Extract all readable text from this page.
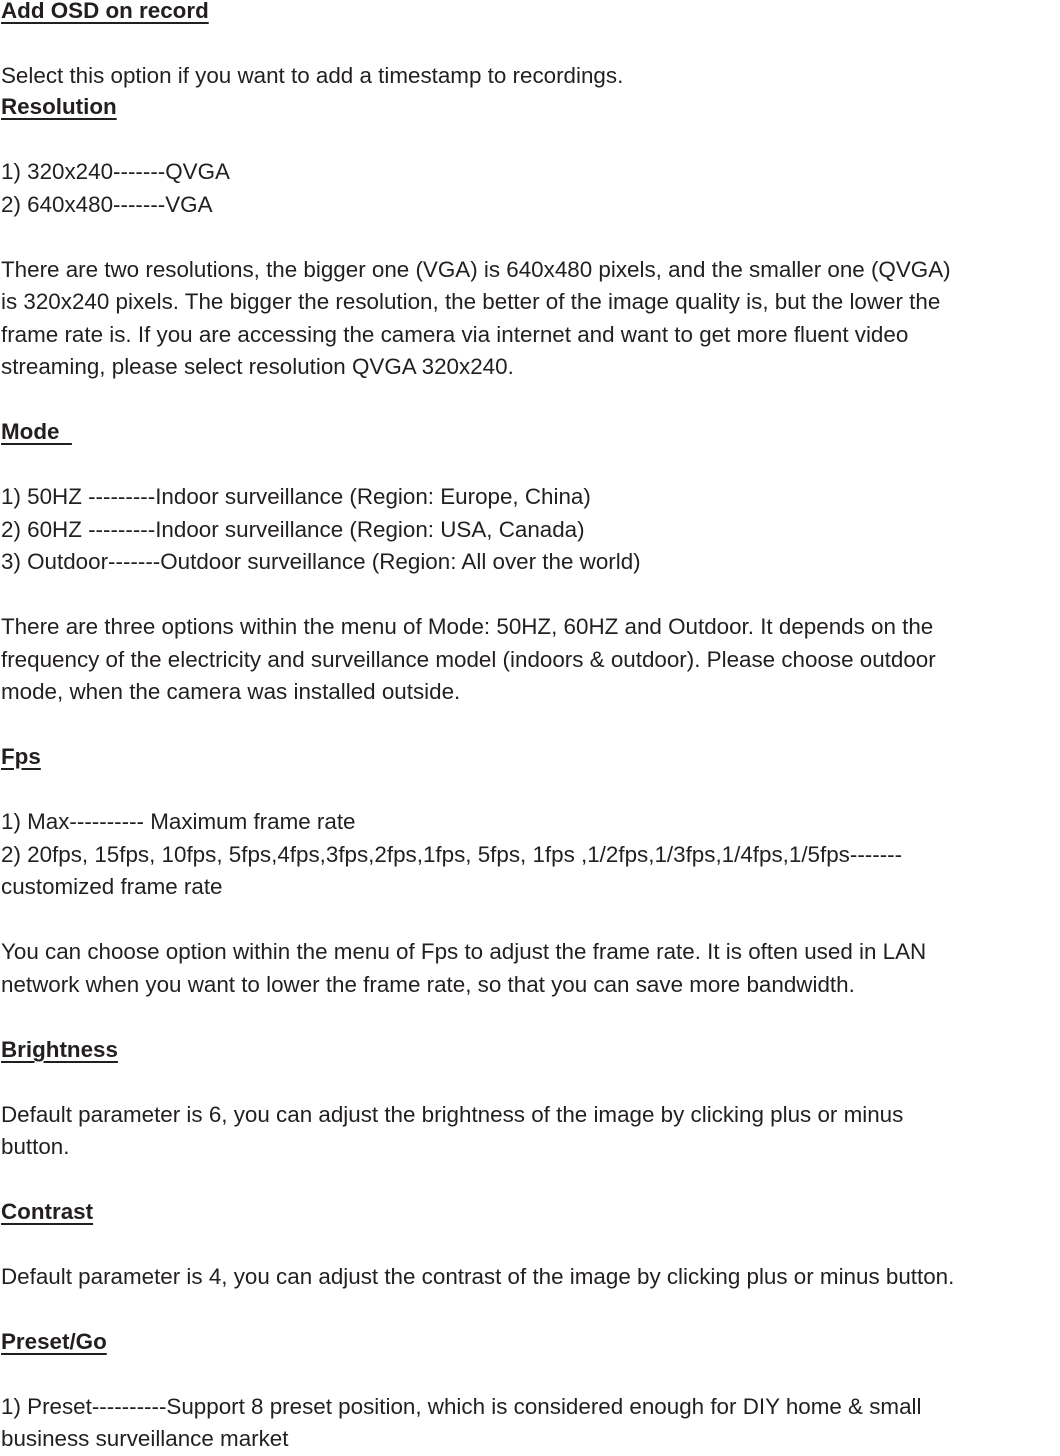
Add OSD on record
Select this option if you want to add a timestamp to recordings.
Resolution
1) 320x240-------QVGA
2) 640x480-------VGA
There are two resolutions, the bigger one (VGA) is 640x480 pixels, and the smaller one (QVGA)
is 320x240 pixels. The bigger the resolution, the better of the image quality is, but the lower the
frame rate is. If you are accessing the camera via internet and want to get more fluent video
streaming, please select resolution QVGA 320x240.
Mode
1) 50HZ ---------Indoor surveillance (Region: Europe, China)
2) 60HZ ---------Indoor surveillance (Region: USA, Canada)
3) Outdoor-------Outdoor surveillance (Region: All over the world)
There are three options within the menu of Mode: 50HZ, 60HZ and Outdoor. It depends on the
frequency of the electricity and surveillance model (indoors & outdoor). Please choose outdoor
mode, when the camera was installed outside.
Fps
1) Max---------- Maximum frame rate
2) 20fps, 15fps, 10fps, 5fps,4fps,3fps,2fps,1fps, 5fps, 1fps ,1/2fps,1/3fps,1/4fps,1/5fps-------
customized frame rate
You can choose option within the menu of Fps to adjust the frame rate. It is often used in LAN
network when you want to lower the frame rate, so that you can save more bandwidth.
Brightness
Default parameter is 6, you can adjust the brightness of the image by clicking plus or minus
button.
Contrast
Default parameter is 4, you can adjust the contrast of the image by clicking plus or minus button.
Preset/Go
1) Preset----------Support 8 preset position, which is considered enough for DIY home & small
business surveillance market
